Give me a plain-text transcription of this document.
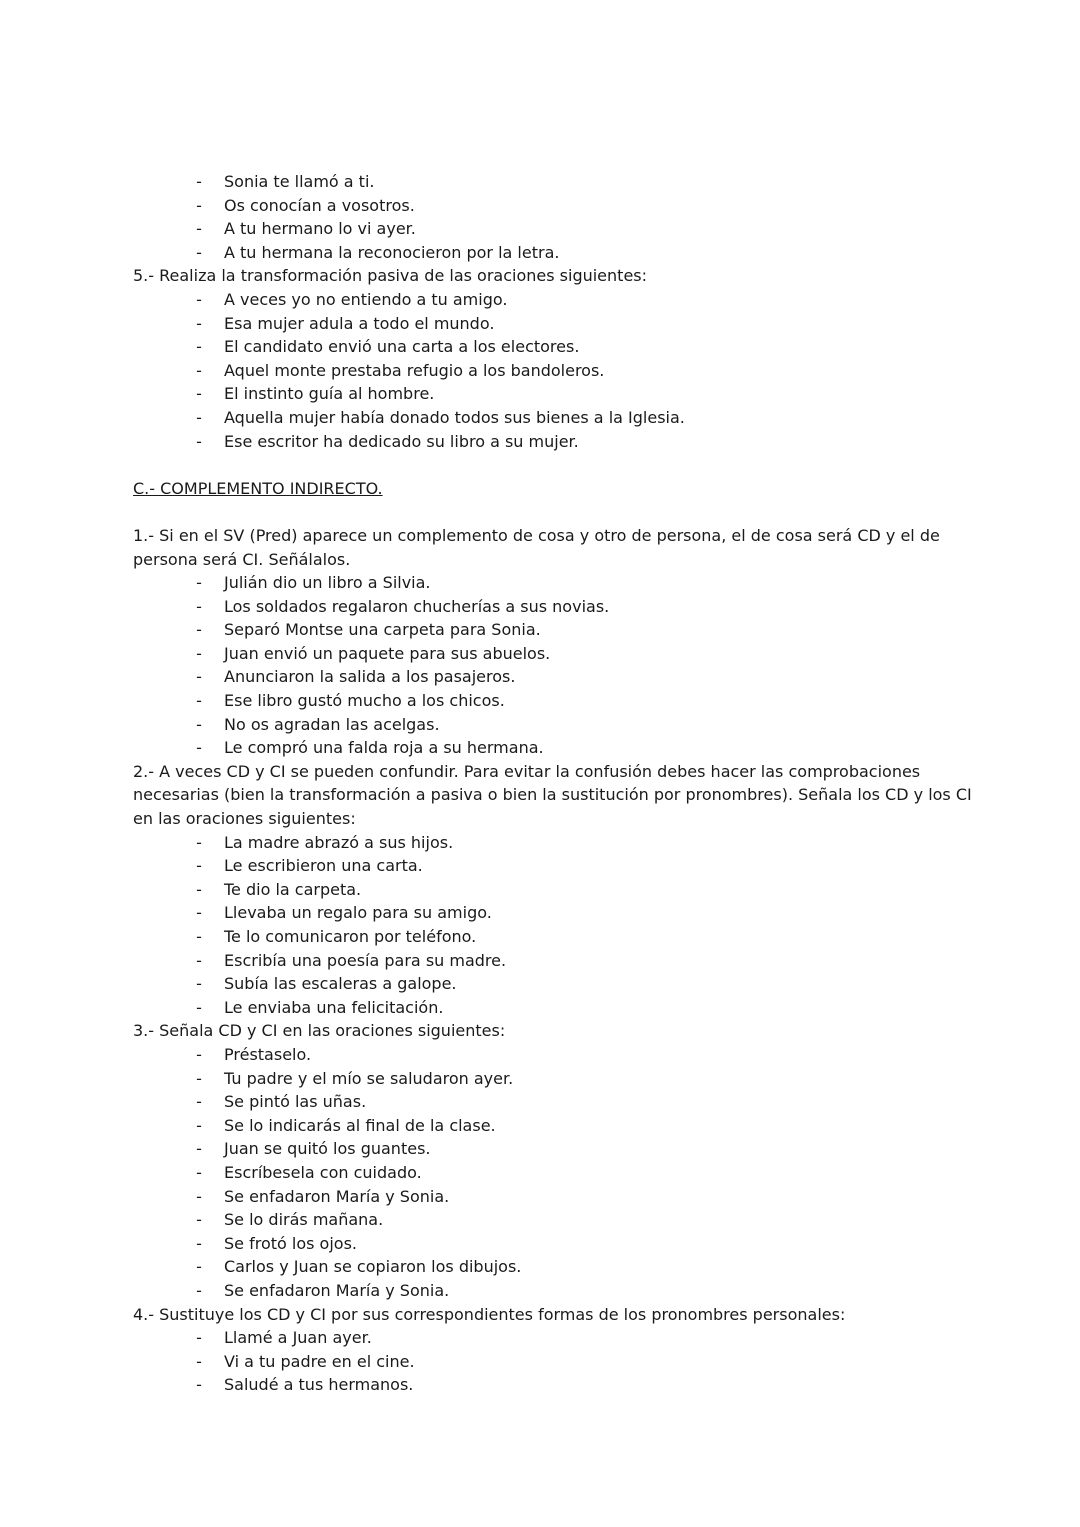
- Sonia te llamó a ti.
- Os conocían a vosotros.
- A tu hermano lo vi ayer.
- A tu hermana la reconocieron por la letra.
5.- Realiza la transformación pasiva de las oraciones siguientes:
- A veces yo no entiendo a tu amigo.
- Esa mujer adula a todo el mundo.
- El candidato envió una carta a los electores.
- Aquel monte prestaba refugio a los bandoleros.
- El instinto guía al hombre.
- Aquella mujer había donado todos sus bienes a la Iglesia.
- Ese escritor ha dedicado su libro a su mujer.
C.- COMPLEMENTO INDIRECTO.
1.- Si en el SV (Pred) aparece un complemento de cosa y otro de persona, el de cosa será CD y el de
persona será CI. Señálalos.
- Julián dio un libro a Silvia.
- Los soldados regalaron chucherías a sus novias.
- Separó Montse una carpeta para Sonia.
- Juan envió un paquete para sus abuelos.
- Anunciaron la salida a los pasajeros.
- Ese libro gustó mucho a los chicos.
- No os agradan las acelgas.
- Le compró una falda roja a su hermana.
2.- A veces CD y CI se pueden confundir. Para evitar la confusión debes hacer las comprobaciones
necesarias (bien la transformación a pasiva o bien la sustitución por pronombres). Señala los CD y los CI
en las oraciones siguientes:
- La madre abrazó a sus hijos.
- Le escribieron una carta.
- Te dio la carpeta.
- Llevaba un regalo para su amigo.
- Te lo comunicaron por teléfono.
- Escribía una poesía para su madre.
- Subía las escaleras a galope.
- Le enviaba una felicitación.
3.- Señala CD y CI en las oraciones siguientes:
- Préstaselo.
- Tu padre y el mío se saludaron ayer.
- Se pintó las uñas.
- Se lo indicarás al final de la clase.
- Juan se quitó los guantes.
- Escríbesela con cuidado.
- Se enfadaron María y Sonia.
- Se lo dirás mañana.
- Se frotó los ojos.
- Carlos y Juan se copiaron los dibujos.
- Se enfadaron María y Sonia.
4.- Sustituye los CD y CI por sus correspondientes formas de los pronombres personales:
- Llamé a Juan ayer.
- Vi a tu padre en el cine.
- Saludé a tus hermanos.
